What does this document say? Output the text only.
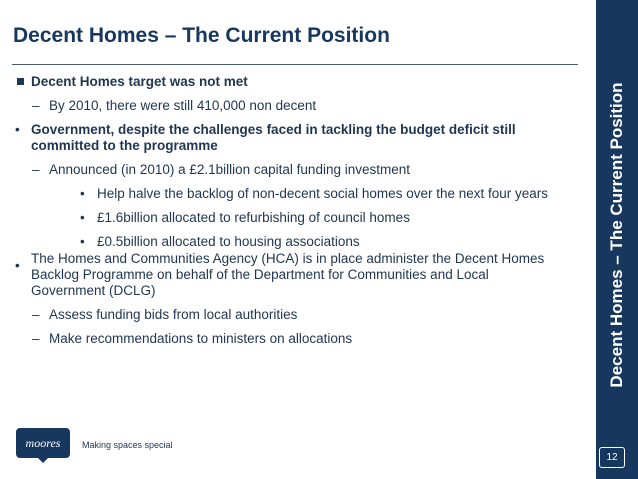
Decent Homes – The Current Position
Decent Homes target was not met
– By 2010, there were still 410,000 non decent
• Government, despite the challenges faced in tackling the budget deficit still
committed to the programme
– Announced (in 2010) a £2.1billion capital funding investment
• Help halve the backlog of non-decent social homes over the next four years
• £1.6billion allocated to refurbishing of council homes
• £0.5billion allocated to housing associations
• The Homes and Communities Agency (HCA) is in place administer the Decent Homes
Backlog Programme on behalf of the Department for Communities and Local
Government (DCLG)
– Assess funding bids from local authorities
– Make recommendations to ministers on allocations
moores Making spaces special
Decent Homes – The Current Position
12
